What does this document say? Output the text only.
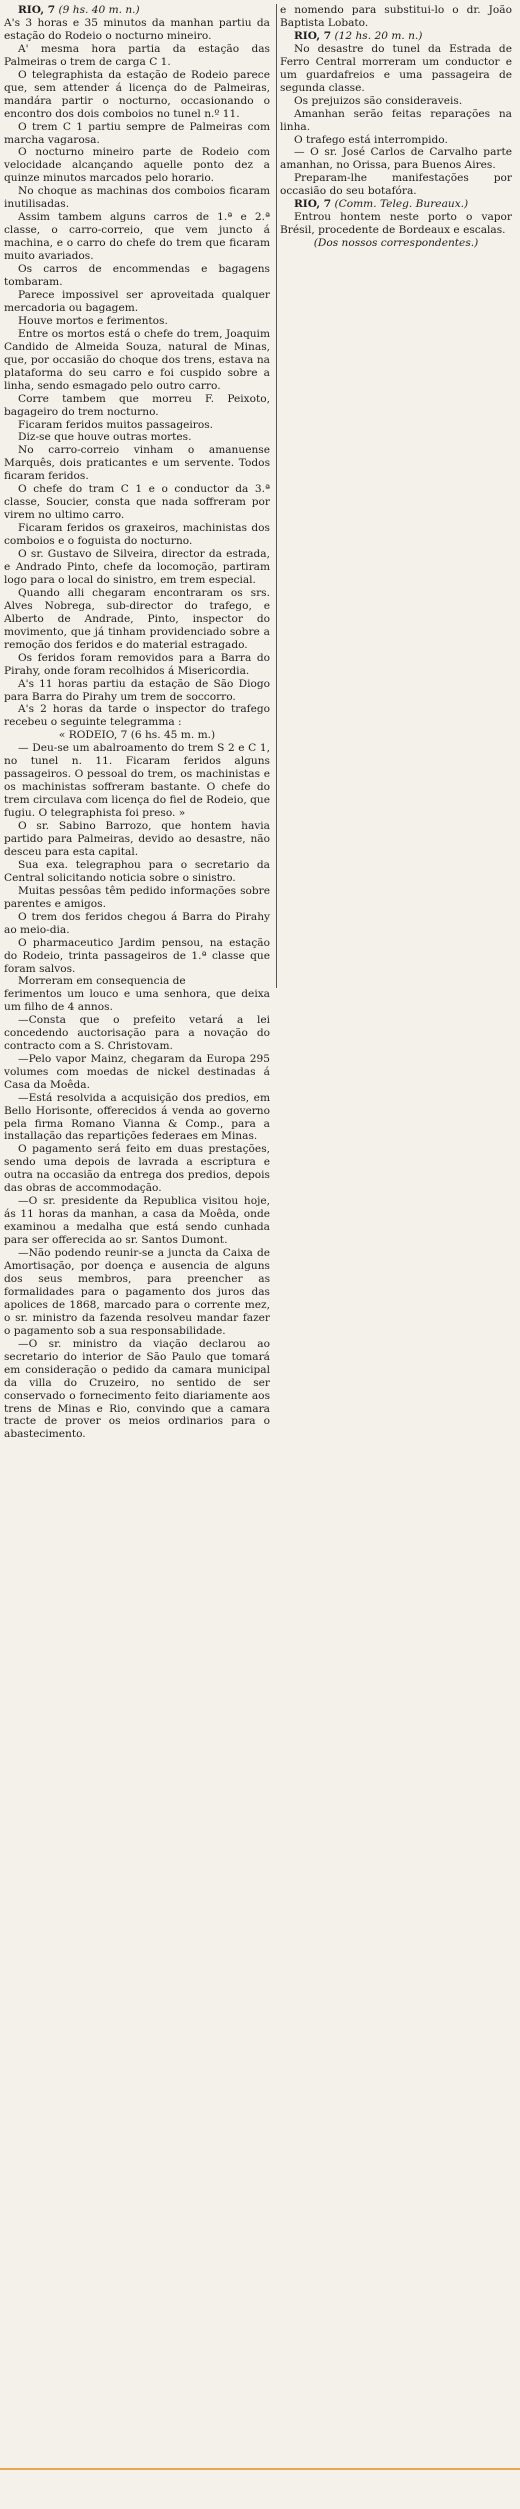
RIO, 7 (9 hs. 40 m. n.)
A's 3 horas e 35 minutos da manhan partiu da estação do Rodeio o nocturno mineiro.

A' mesma hora partia da estação das Palmeiras o trem de carga C 1.

O telegraphista da estação de Rodeio parece que, sem attender á licença do de Palmeiras, mandára partir o nocturno, occasionando o encontro dos dois comboios no tunel n.º 11.

O trem C 1 partiu sempre de Palmeiras com marcha vagarosa.

O nocturno mineiro parte de Rodeio com velocidade alcançando aquelle ponto dez a quinze minutos marcados pelo horario.

No choque as machinas dos comboios ficaram inutilisadas.

Assim tambem alguns carros de 1.ª e 2.ª classe, o carro-correio, que vem juncto á machina, e o carro do chefe do trem que ficaram muito avariados.

Os carros de encommendas e bagagens tombaram.

Parece impossivel ser aproveitada qualquer mercadoria ou bagagem.

Houve mortos e ferimentos.

Entre os mortos está o chefe do trem, Joaquim Candido de Almeida Souza, natural de Minas, que, por occasião do choque dos trens, estava na plataforma do seu carro e foi cuspido sobre a linha, sendo esmagado pelo outro carro.

Corre tambem que morreu F. Peixoto, bagageiro do trem nocturno.

Ficaram feridos muitos passageiros.

Diz-se que houve outras mortes.

No carro-correio vinham o amanuense Marquês, dois praticantes e um servente. Todos ficaram feridos.

O chefe do tram C 1 e o conductor da 3.ª classe, Soucier, consta que nada soffreram por virem no ultimo carro.

Ficaram feridos os graxeiros, machinistas dos comboios e o foguista do nocturno.

O sr. Gustavo de Silveira, director da estrada, e Andrado Pinto, chefe da locomoção, partiram logo para o local do sinistro, em trem especial.

Quando alli chegaram encontraram os srs. Alves Nobrega, sub-director do trafego, e Alberto de Andrade, Pinto, inspector do movimento, que já tinham providenciado sobre a remoção dos feridos e do material estragado.

Os feridos foram removidos para a Barra do Pirahy, onde foram recolhidos á Misericordia.

A's 11 horas partiu da estação de São Diogo para Barra do Pirahy um trem de soccorro.

A's 2 horas da tarde o inspector do trafego recebeu o seguinte telegramma :

« RODEIO, 7 (6 hs. 45 m. m.)

— Deu-se um abalroamento do trem S 2 e C 1, no tunel n. 11. Ficaram feridos alguns passageiros. O pessoal do trem, os machinistas e os machinistas soffreram bastante. O chefe do trem circulava com licença do fiel de Rodeio, que fugiu. O telegraphista foi preso. »

O sr. Sabino Barrozo, que hontem havia partido para Palmeiras, devido ao desastre, não desceu para esta capital.

Sua exa. telegraphou para o secretario da Central solicitando noticia sobre o sinistro.

Muitas pessôas têm pedido informações sobre parentes e amigos.

O trem dos feridos chegou á Barra do Pirahy ao meio-dia.

O pharmaceutico Jardim pensou, na estação do Rodeio, trinta passageiros de 1.ª classe que foram salvos.

Morreram em consequencia de

e nomendo para substitui-lo o dr. João Baptista Lobato.

RIO, 7 (12 hs. 20 m. n.)

No desastre do tunel da Estrada de Ferro Central morreram um conductor e um guardafreios e uma passageira de segunda classe.

Os prejuizos são consideraveis.

Amanhan serão feitas reparações na linha.

O trafego está interrompido.

— O sr. José Carlos de Carvalho parte amanhan, no Orissa, para Buenos Aires.

Preparam-lhe manifestações por occasião do seu botafóra.

RIO, 7 (Comm. Teleg. Bureaux.)

Entrou hontem neste porto o vapor Brésil, procedente de Bordeaux e escalas.

(Dos nossos correspondentes.)

ferimentos um louco e uma senhora, que deixa um filho de 4 annos.

—Consta que o prefeito vetará a lei concedendo auctorisação para a novação do contracto com a S. Christovam.

—Pelo vapor Mainz, chegaram da Europa 295 volumes com moedas de nickel destinadas á Casa da Moêda.

—Está resolvida a acquisição dos predios, em Bello Horisonte, offerecidos á venda ao governo pela firma Romano Vianna & Comp., para a installação das repartições federaes em Minas.

O pagamento será feito em duas prestações, sendo uma depois de lavrada a escriptura e outra na occasião da entrega dos predios, depois das obras de accommodação.

—O sr. presidente da Republica visitou hoje, ás 11 horas da manhan, a casa da Moêda, onde examinou a medalha que está sendo cunhada para ser offerecida ao sr. Santos Dumont.

—Não podendo reunir-se a juncta da Caixa de Amortisação, por doença e ausencia de alguns dos seus membros, para preencher as formalidades para o pagamento dos juros das apolices de 1868, marcado para o corrente mez, o sr. ministro da fazenda resolveu mandar fazer o pagamento sob a sua responsabilidade.

—O sr. ministro da viação declarou ao secretario do interior de São Paulo que tomará em consideração o pedido da camara municipal da villa do Cruzeiro, no sentido de ser conservado o fornecimento feito diariamente aos trens de Minas e Rio, convindo que a camara tracte de prover os meios ordinarios para o abastecimento.
